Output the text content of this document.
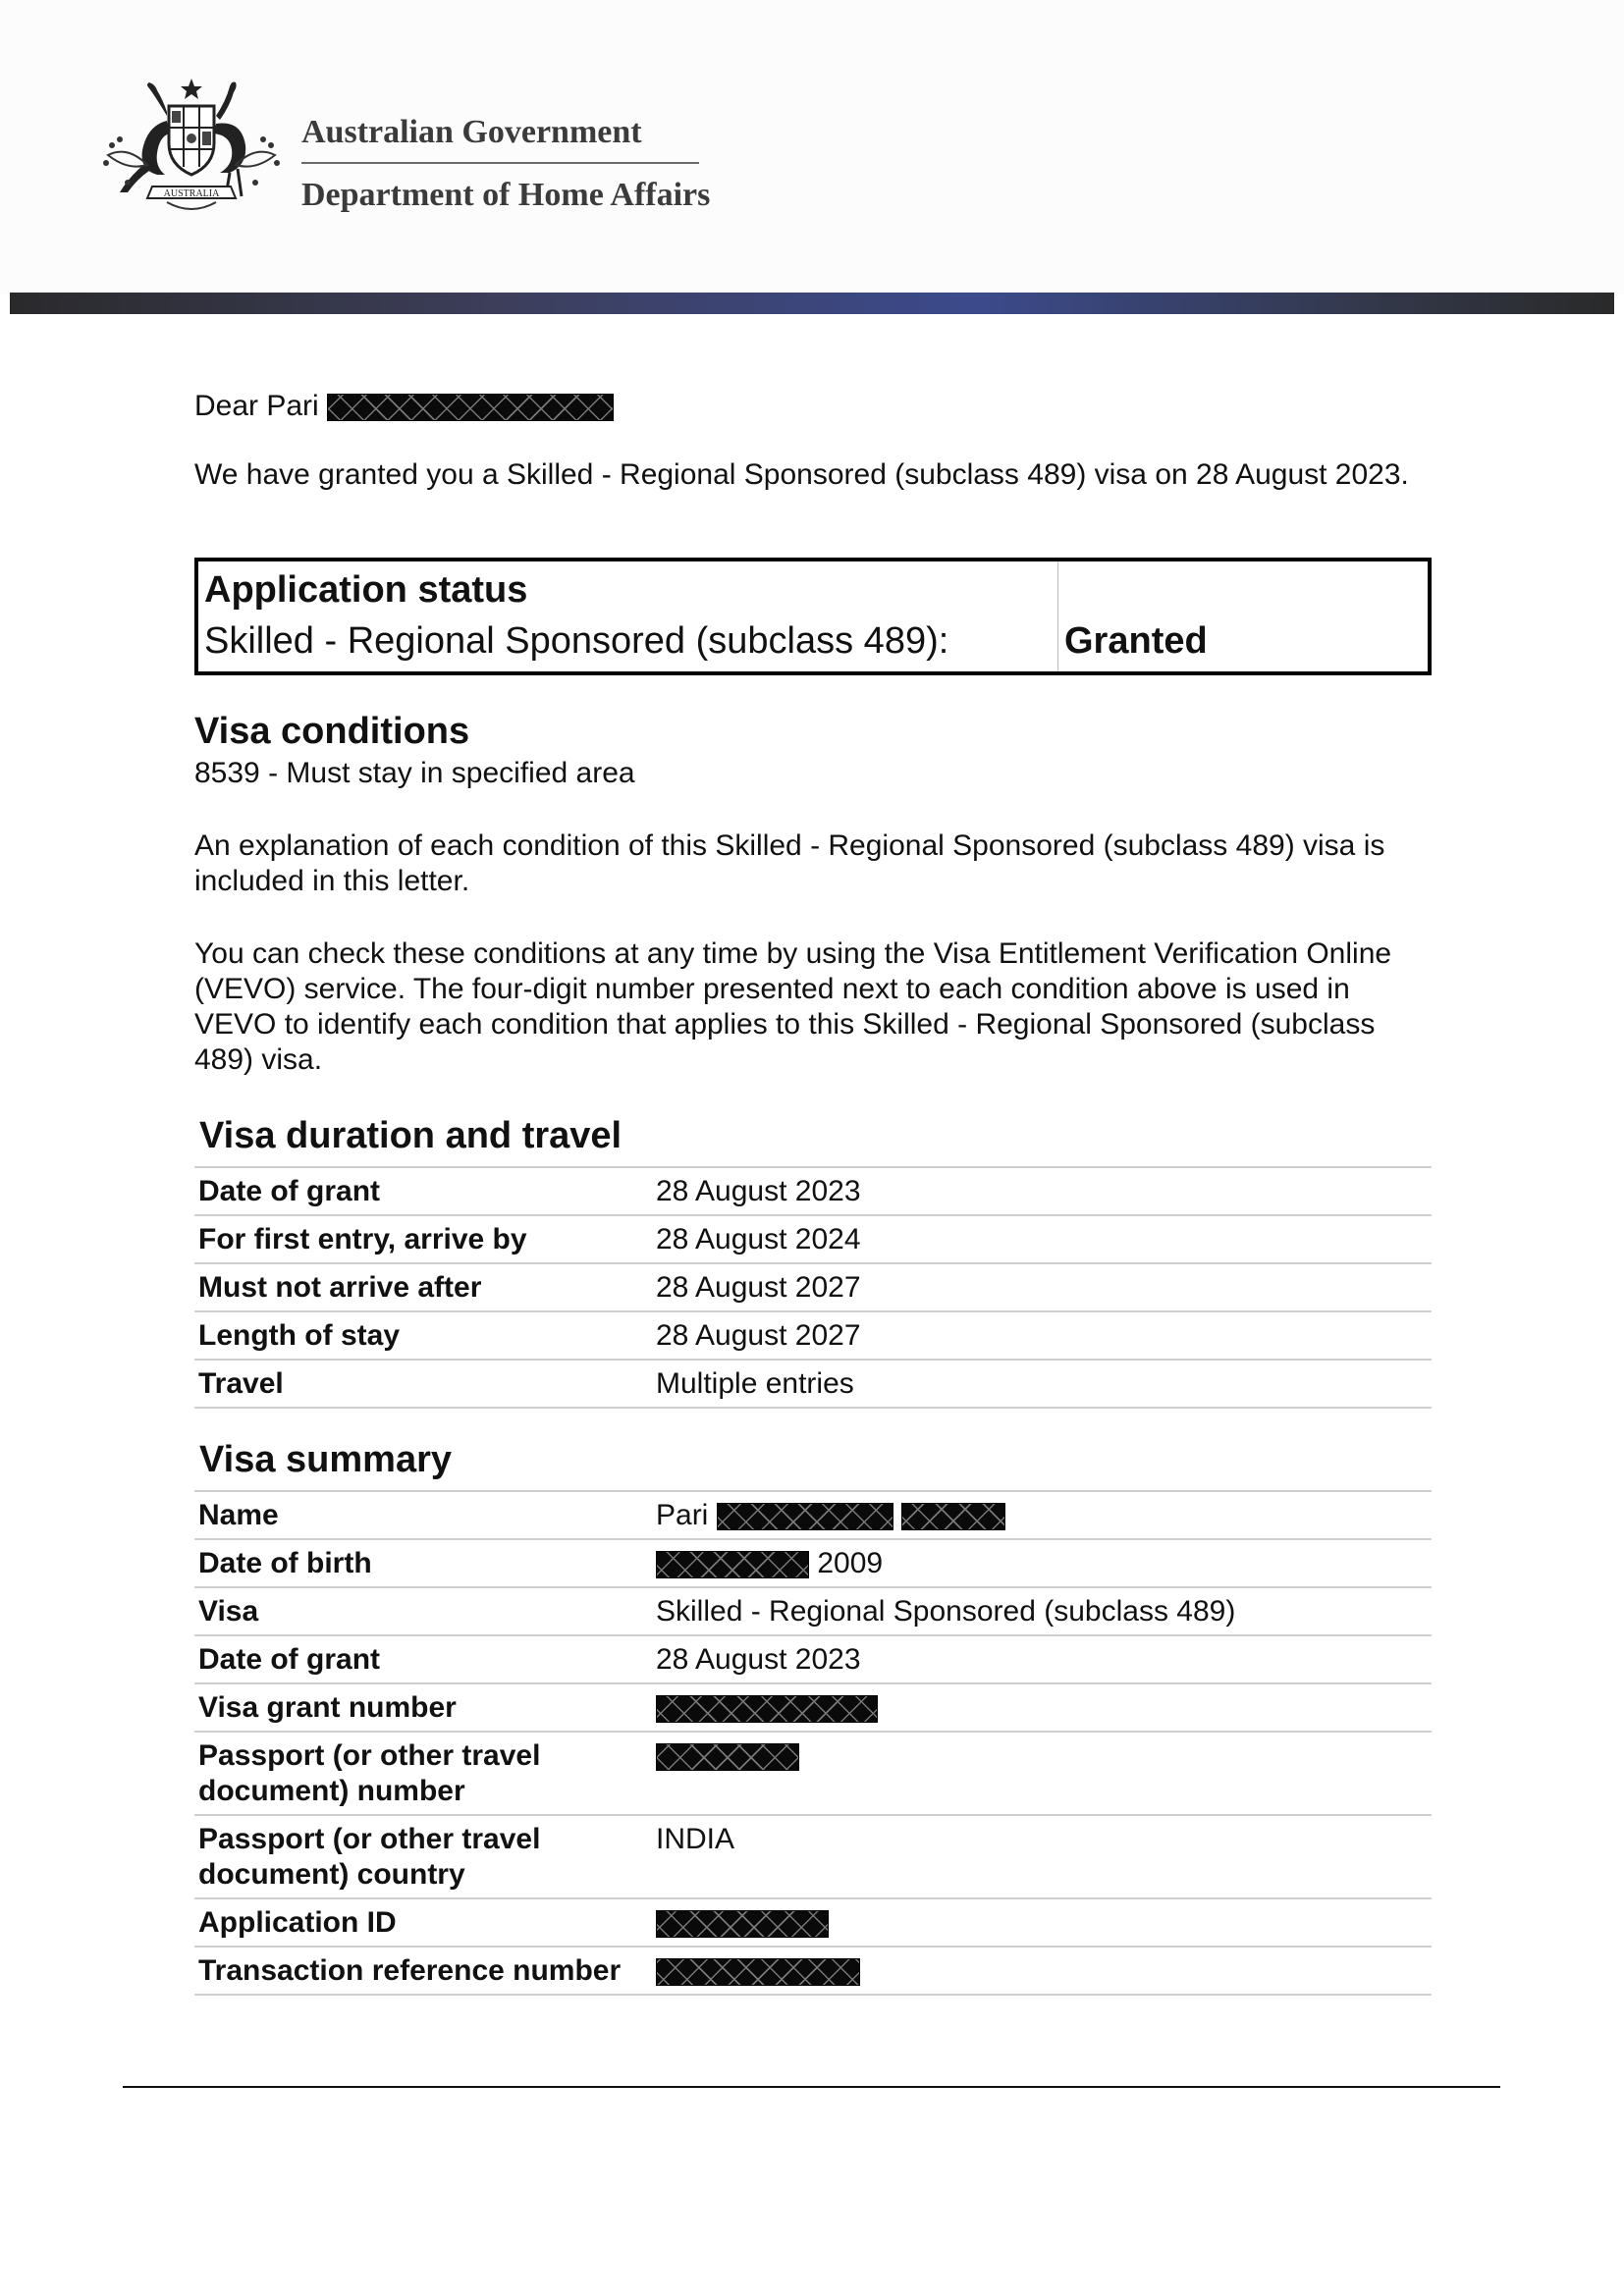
AUSTRALIA
Australian Government
Department of Home Affairs
Dear Pari
We have granted you a Skilled - Regional Sponsored (subclass 489) visa on 28 August 2023.
Application status
Skilled - Regional Sponsored (subclass 489):	Granted
Visa conditions
8539 - Must stay in specified area
An explanation of each condition of this Skilled - Regional Sponsored (subclass 489) visa is included in this letter.
You can check these conditions at any time by using the Visa Entitlement Verification Online (VEVO) service. The four-digit number presented next to each condition above is used in VEVO to identify each condition that applies to this Skilled - Regional Sponsored (subclass 489) visa.
Visa duration and travel
Date of grant	28 August 2023
For first entry, arrive by	28 August 2024
Must not arrive after	28 August 2027
Length of stay	28 August 2027
Travel	Multiple entries
Visa summary
Name	Pari
Date of birth	2009
Visa	Skilled - Regional Sponsored (subclass 489)
Date of grant	28 August 2023
Visa grant number	
Passport (or other travel document) number	
Passport (or other travel document) country	INDIA
Application ID	
Transaction reference number	
